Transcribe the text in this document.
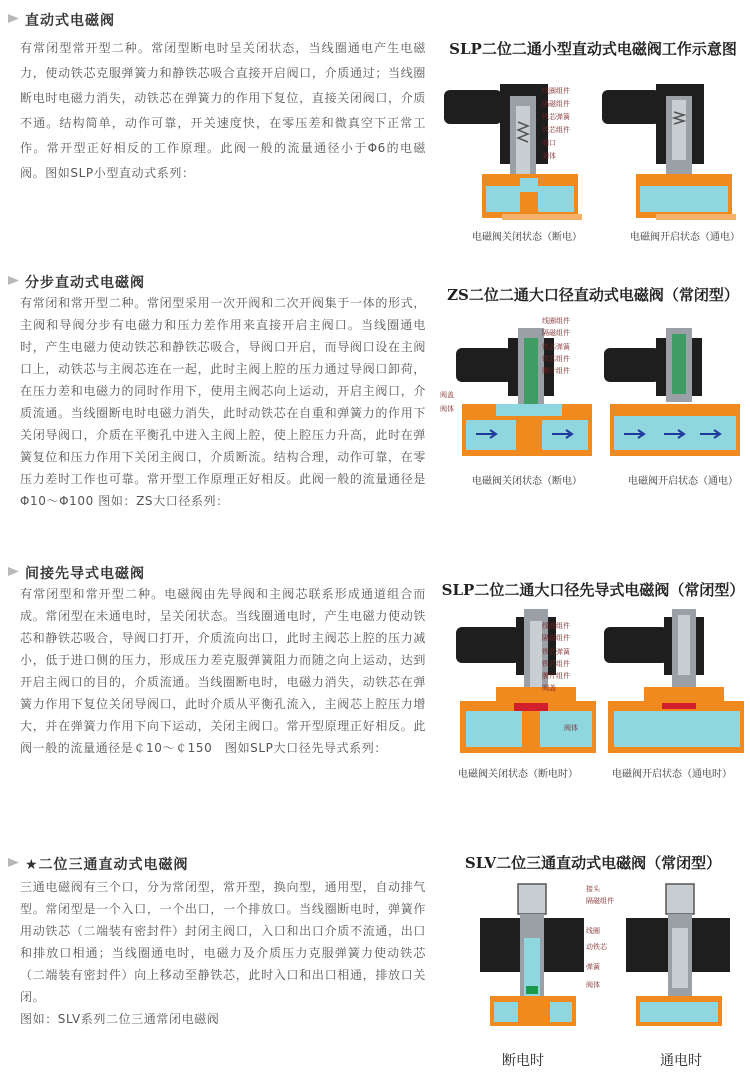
直动式电磁阀
有常闭型常开型二种。常闭型断电时呈关闭状态，当线圈通电产生电磁力，使动铁芯克服弹簧力和静铁芯吸合直接开启阀口，介质通过；当线圈断电时电磁力消失，动铁芯在弹簧力的作用下复位，直接关闭阀口，介质不通。结构简单，动作可靠，开关速度快，在零压差和微真空下正常工作。常开型正好相反的工作原理。此阀一般的流量通径小于Φ6的电磁阀。图如SLP小型直动式系列：
SLP二位二通小型直动式电磁阀工作示意图
线圈组件
隔磁组件
铁芯弹簧
铁芯组件
阀口
阀体
电磁阀关闭状态（断电）	电磁阀开启状态（通电）
分步直动式电磁阀
有常闭和常开型二种。常闭型采用一次开阀和二次开阀集于一体的形式，主阀和导阀分步有电磁力和压力差作用来直接开启主阀口。当线圈通电时，产生电磁力使动铁芯和静铁芯吸合，导阀口开启，而导阀口设在主阀口上，动铁芯与主阀芯连在一起，此时主阀上腔的压力通过导阀口卸荷，在压力差和电磁力的同时作用下，使用主阀芯向上运动，开启主阀口，介质流通。当线圈断电时电磁力消失，此时动铁芯在自重和弹簧力的作用下关闭导阀口，介质在平衡孔中进入主阀上腔，使上腔压力升高，此时在弹簧复位和压力作用下关闭主阀口，介质断流。结构合理，动作可靠，在零压力差时工作也可靠。常开型工作原理正好相反。此阀一般的流量通径是Φ10～Φ100 图如：ZS大口径系列：
ZS二位二通大口径直动式电磁阀（常闭型）
线圈组件
隔磁组件
铁芯弹簧
铁芯组件
膜片组件
阀盖
阀体
电磁阀关闭状态（断电）	电磁阀开启状态（通电）
间接先导式电磁阀
有常闭型和常开型二种。电磁阀由先导阀和主阀芯联系形成通道组合而成。常闭型在未通电时，呈关闭状态。当线圈通电时，产生电磁力使动铁芯和静铁芯吸合，导阀口打开，介质流向出口，此时主阀芯上腔的压力减小，低于进口侧的压力，形成压力差克服弹簧阻力而随之向上运动，达到开启主阀口的目的，介质流通。当线圈断电时，电磁力消失，动铁芯在弹簧力作用下复位关闭导阀口，此时介质从平衡孔流入，主阀芯上腔压力增大，并在弹簧力作用下向下运动，关闭主阀口。常开型原理正好相反。此阀一般的流量通径是￠10～￠150　图如SLP大口径先导式系列：
SLP二位二通大口径先导式电磁阀（常闭型）
线圈组件
隔磁组件
铁芯弹簧
铁芯组件
膜片组件
阀盖
阀体
电磁阀关闭状态（断电时）	电磁阀开启状态（通电时）
★二位三通直动式电磁阀
三通电磁阀有三个口，分为常闭型，常开型，换向型，通用型，自动排气型。常闭型是一个入口，一个出口，一个排放口。当线圈断电时，弹簧作用动铁芯（二端装有密封件）封闭主阀口，入口和出口介质不流通，出口和排放口相通；当线圈通电时，电磁力及介质压力克服弹簧力使动铁芯（二端装有密封件）向上移动至静铁芯，此时入口和出口相通，排放口关闭。
图如：SLV系列二位三通常闭电磁阀
SLV二位三通直动式电磁阀（常闭型）
接头
隔磁组件
线圈
动铁芯
弹簧
阀体
断电时	通电时
